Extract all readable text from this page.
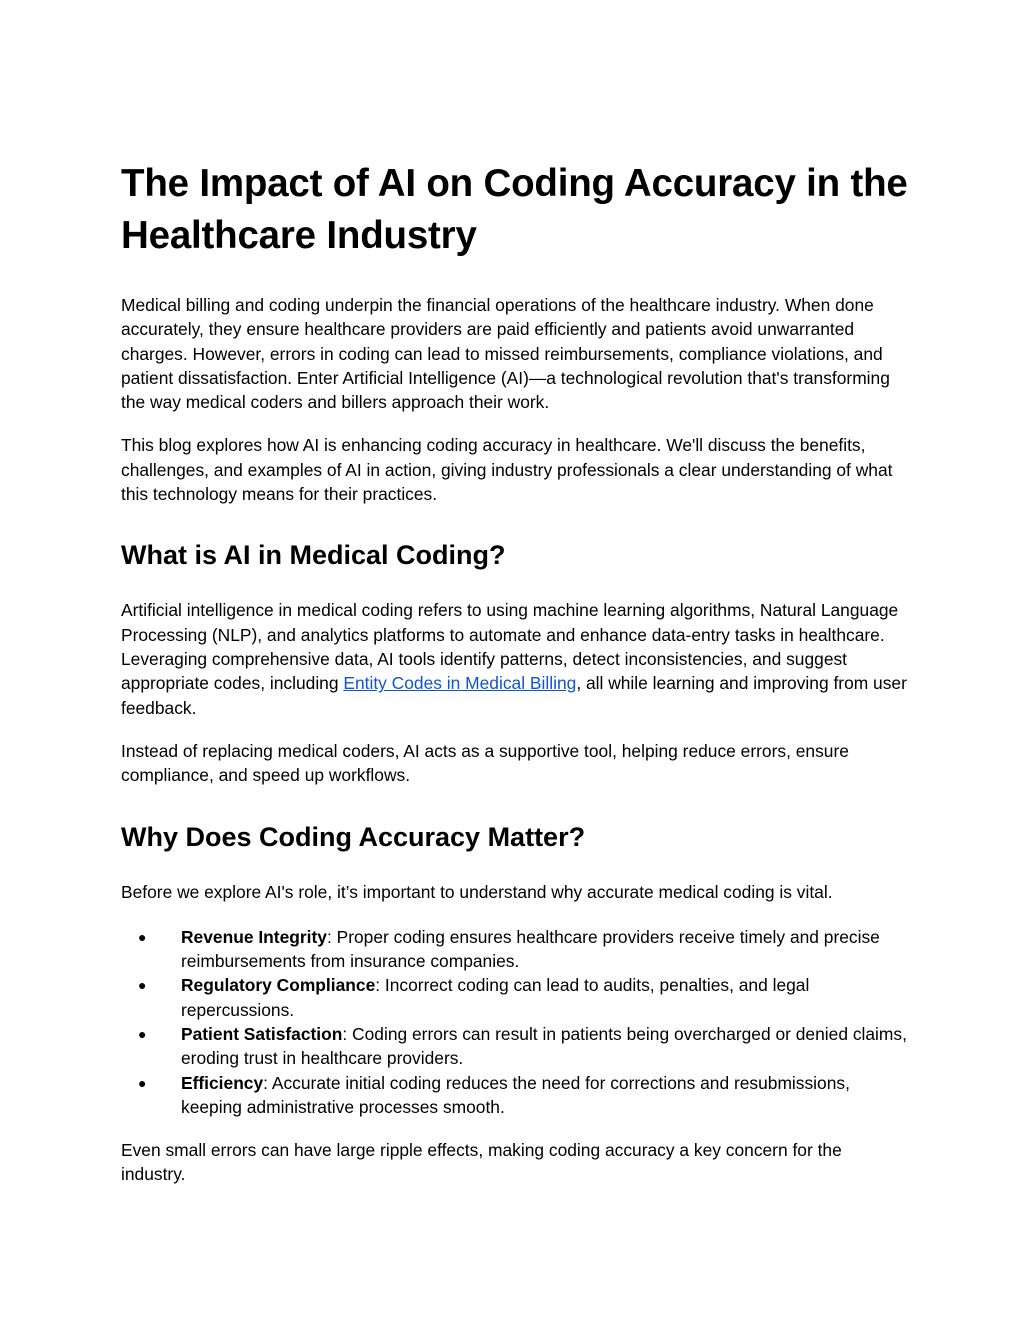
The Impact of AI on Coding Accuracy in the Healthcare Industry

Medical billing and coding underpin the financial operations of the healthcare industry. When done accurately, they ensure healthcare providers are paid efficiently and patients avoid unwarranted charges. However, errors in coding can lead to missed reimbursements, compliance violations, and patient dissatisfaction. Enter Artificial Intelligence (AI)—a technological revolution that's transforming the way medical coders and billers approach their work.

This blog explores how AI is enhancing coding accuracy in healthcare. We'll discuss the benefits, challenges, and examples of AI in action, giving industry professionals a clear understanding of what this technology means for their practices.

What is AI in Medical Coding?

Artificial intelligence in medical coding refers to using machine learning algorithms, Natural Language Processing (NLP), and analytics platforms to automate and enhance data-entry tasks in healthcare. Leveraging comprehensive data, AI tools identify patterns, detect inconsistencies, and suggest appropriate codes, including Entity Codes in Medical Billing, all while learning and improving from user feedback.

Instead of replacing medical coders, AI acts as a supportive tool, helping reduce errors, ensure compliance, and speed up workflows.

Why Does Coding Accuracy Matter?

Before we explore AI's role, it’s important to understand why accurate medical coding is vital.

● Revenue Integrity: Proper coding ensures healthcare providers receive timely and precise reimbursements from insurance companies.
● Regulatory Compliance: Incorrect coding can lead to audits, penalties, and legal repercussions.
● Patient Satisfaction: Coding errors can result in patients being overcharged or denied claims, eroding trust in healthcare providers.
● Efficiency: Accurate initial coding reduces the need for corrections and resubmissions, keeping administrative processes smooth.

Even small errors can have large ripple effects, making coding accuracy a key concern for the industry.
